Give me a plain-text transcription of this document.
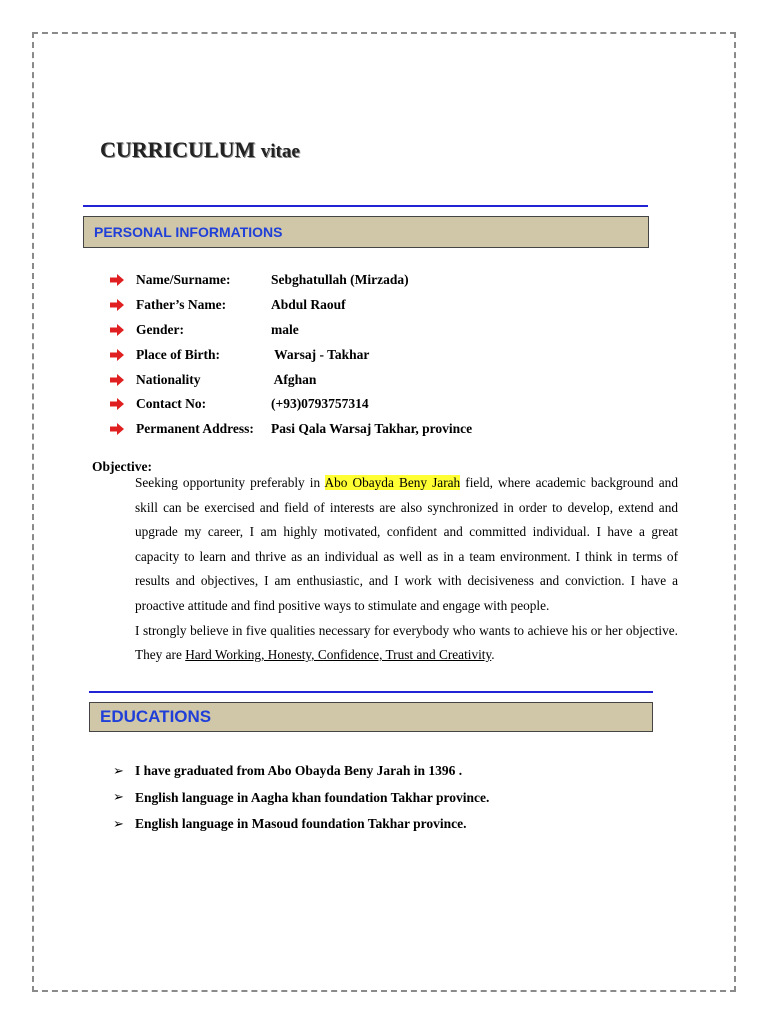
CURRICULUM vitae
PERSONAL INFORMATIONS
Name/Surname:	Sebghatullah (Mirzada)
Father’s Name:	Abdul Raouf
Gender:	male
Place of Birth:	Warsaj - Takhar
Nationality	Afghan
Contact No:	(+93)0793757314
Permanent Address:	Pasi Qala Warsaj Takhar, province
Objective:

Seeking opportunity preferably in Abo Obayda Beny Jarah field, where academic background and skill can be exercised and field of interests are also synchronized in order to develop, extend and upgrade my career, I am highly motivated, confident and committed individual. I have a great capacity to learn and thrive as an individual as well as in a team environment. I think in terms of results and objectives, I am enthusiastic, and I work with decisiveness and conviction. I have a proactive attitude and find positive ways to stimulate and engage with people.

I strongly believe in five qualities necessary for everybody who wants to achieve his or her objective. They are Hard Working, Honesty, Confidence, Trust and Creativity.

EDUCATIONS
➢ I have graduated from Abo Obayda Beny Jarah in 1396 .
➢ English language in Aagha khan foundation Takhar province.
➢ English language in Masoud foundation Takhar province.
